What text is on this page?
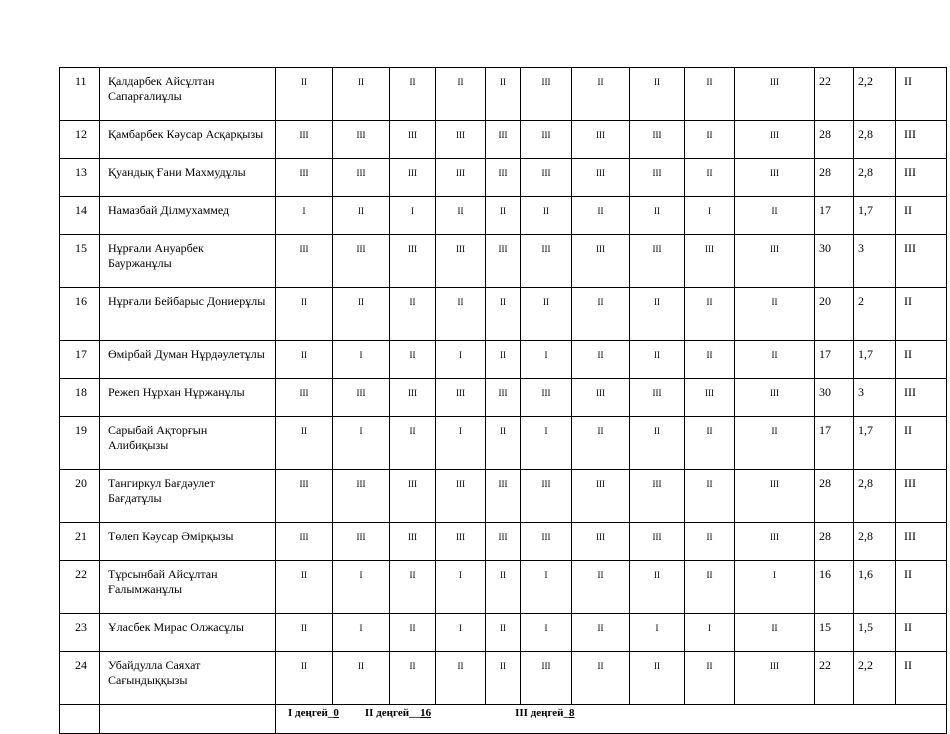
11	Қалдарбек Айсұлтан Сапарғалиұлы	II	II	II	II	II	III	II	II	II	III	22	2,2	II
12	Қамбарбек Кәусар Асқарқызы	III	III	III	III	III	III	III	III	II	III	28	2,8	III
13	Қуандық Ғани Махмудұлы	III	III	III	III	III	III	III	III	II	III	28	2,8	III
14	Намазбай Ділмухаммед	I	II	I	II	II	II	II	II	I	II	17	1,7	II
15	Нұрғали Ануарбек Бауржанұлы	III	III	III	III	III	III	III	III	III	III	30	3	III
16	Нұрғали Бейбарыс Дониерұлы	II	II	II	II	II	II	II	II	II	II	20	2	II
17	Өмірбай Думан Нұрдәулетұлы	II	I	II	I	II	I	II	II	II	II	17	1,7	II
18	Режеп Нұрхан Нұржанұлы	III	III	III	III	III	III	III	III	III	III	30	3	III
19	Сарыбай Ақторғын Алибиқызы	II	I	II	I	II	I	II	II	II	II	17	1,7	II
20	Тангиркул Бағдәулет Бағдатұлы	III	III	III	III	III	III	III	III	II	III	28	2,8	III
21	Төлеп Кәусар Әмірқызы	III	III	III	III	III	III	III	III	II	III	28	2,8	III
22	Тұрсынбай Айсұлтан Ғалымжанұлы	II	I	II	I	II	I	II	II	II	I	16	1,6	II
23	Ұласбек Мирас Олжасұлы	II	I	II	I	II	I	II	I	I	II	15	1,5	II
24	Убайдулла Саяхат Сағындыққызы	II	II	II	II	II	III	II	II	II	III	22	2,2	II
		I деңгей_0 II деңгей__16 III деңгей_8												
